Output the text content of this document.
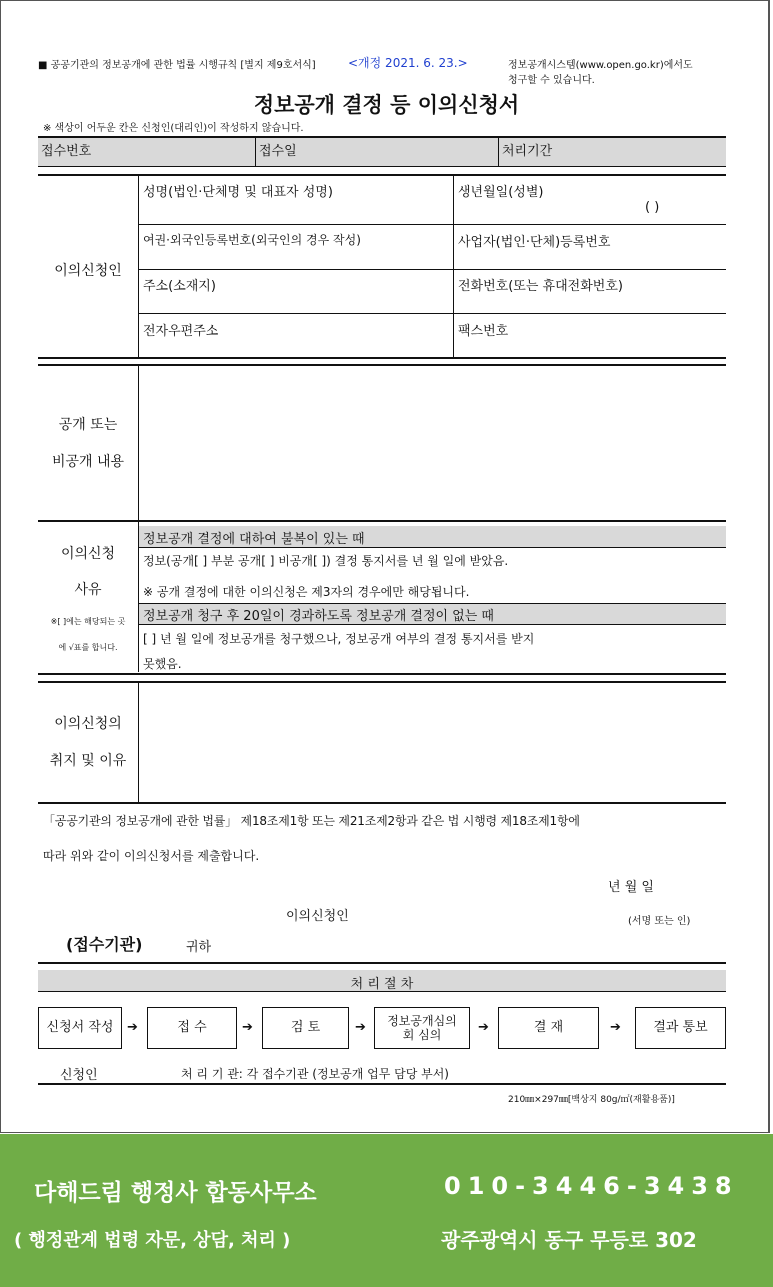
■ 공공기관의 정보공개에 관한 법률 시행규칙 [별지 제9호서식]	<개정 2021. 6. 23.>	정보공개시스템(www.open.go.kr)에서도
청구할 수 있습니다.
정보공개 결정 등 이의신청서
※ 색상이 어두운 칸은 신청인(대리인)이 작성하지 않습니다.
접수번호	접수일	처리기간
이의신청인
성명(법인·단체명 및 대표자 성명)	생년월일(성별)
( )
여권·외국인등록번호(외국인의 경우 작성)	사업자(법인·단체)등록번호
주소(소재지)	전화번호(또는 휴대전화번호)
전자우편주소	팩스번호
공개 또는
비공개 내용
이의신청
사유
※[ ]에는 해당되는 곳
에 √표를 합니다.
정보공개 결정에 대하여 불복이 있는 때
정보(공개[ ] 부분 공개[ ] 비공개[ ]) 결정 통지서를 년 월 일에 받았음.
※ 공개 결정에 대한 이의신청은 제3자의 경우에만 해당됩니다.
정보공개 청구 후 20일이 경과하도록 정보공개 결정이 없는 때
[ ] 년 월 일에 정보공개를 청구했으나, 정보공개 여부의 결정 통지서를 받지
못했음.
이의신청의
취지 및 이유
「공공기관의 정보공개에 관한 법률」 제18조제1항 또는 제21조제2항과 같은 법 시행령 제18조제1항에
따라 위와 같이 이의신청서를 제출합니다.
년 월 일
이의신청인	(서명 또는 인)
(접수기관)	귀하
처 리 절 차
신청서 작성	➔	접 수	➔	검 토	➔	정보공개심의
회 심의	➔	결 재	➔	결과 통보
신청인	처 리 기 관: 각 접수기관 (정보공개 업무 담당 부서)
210㎜×297㎜[백상지 80g/㎡(재활용품)]
다해드림 행정사 합동사무소	010-3446-3438
( 행정관계 법령 자문, 상담, 처리 )	광주광역시 동구 무등로 302
